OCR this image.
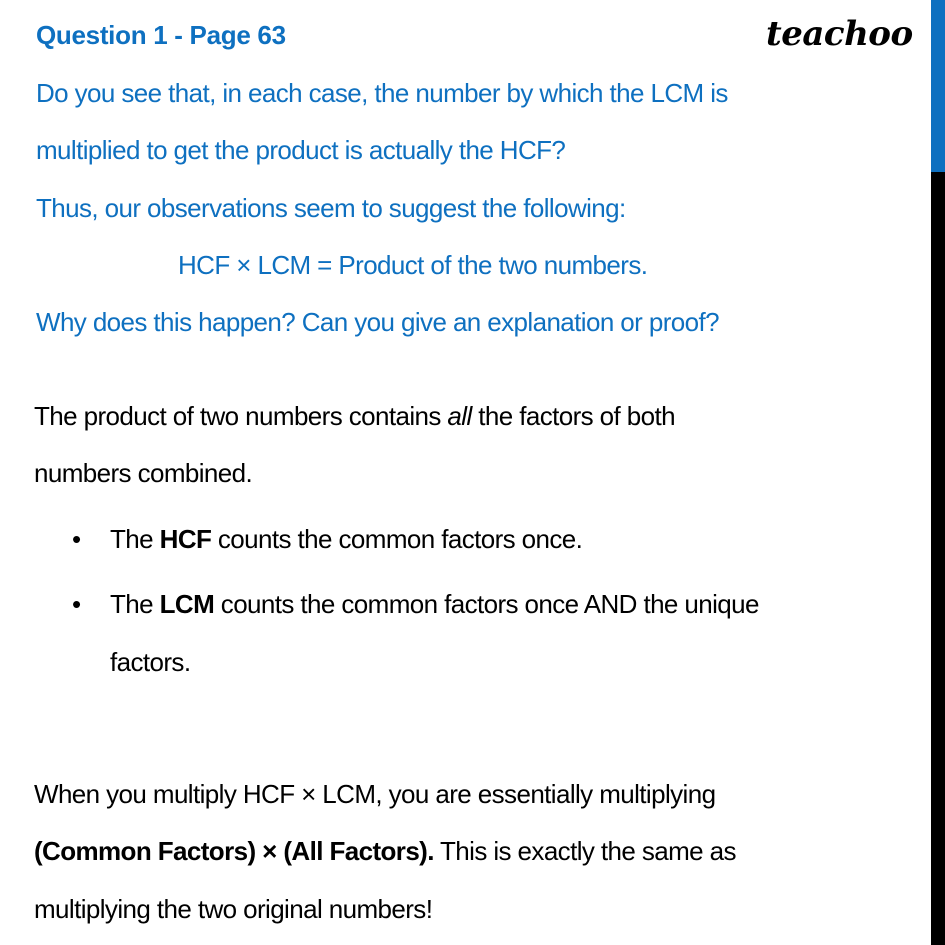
Question 1 - Page 63	teachoo
Do you see that, in each case, the number by which the LCM is
multiplied to get the product is actually the HCF?
Thus, our observations seem to suggest the following:
HCF × LCM = Product of the two numbers.
Why does this happen? Can you give an explanation or proof?
The product of two numbers contains all the factors of both
numbers combined.
• The HCF counts the common factors once.
• The LCM counts the common factors once AND the unique
factors.
When you multiply HCF × LCM, you are essentially multiplying
(Common Factors) × (All Factors). This is exactly the same as
multiplying the two original numbers!
